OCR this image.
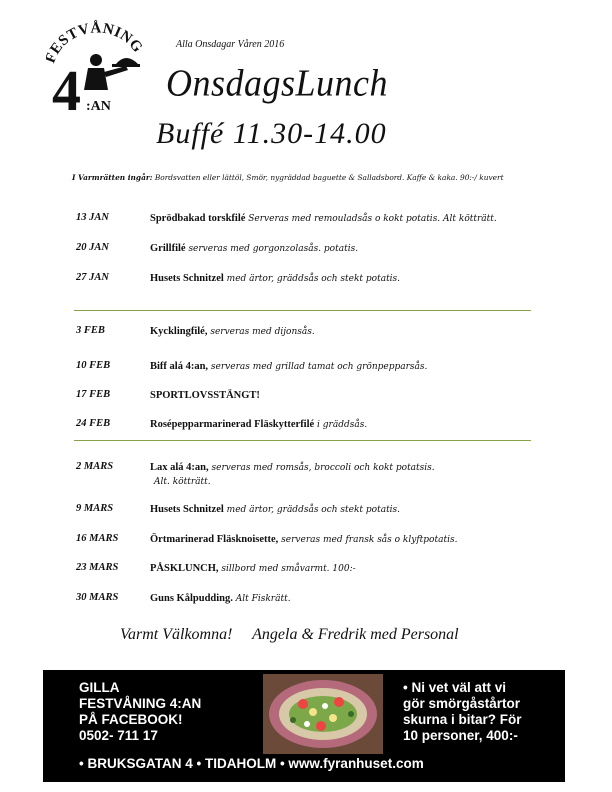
ESTVÅNING
4 :AN
Alla Onsdagar Våren 2016
OnsdagsLunch
Buffé 11.30-14.00
I Varmrätten ingår: Bordsvatten eller lättöl, Smör, nygräddad baguette & Salladsbord. Kaffe & kaka. 90:-/ kuvert
13 JAN	Sprödbakad torskfilé Serveras med remouladsås o kokt potatis. Alt kötträtt.
20 JAN	Grillfilé serveras med gorgonzolasås. potatis.
27 JAN	Husets Schnitzel med ärtor, gräddsås och stekt potatis.
3 FEB	Kycklingfilé, serveras med dijonsås.
10 FEB	Biff alá 4:an, serveras med grillad tamat och grönpepparsås.
17 FEB	SPORTLOVSSTÄNGT!
24 FEB	Rosépepparmarinerad Fläskytterfilé i gräddsås.
2 MARS	Lax alá 4:an, serveras med romsås, broccoli och kokt potatsis.
Alt. kötträtt.
9 MARS	Husets Schnitzel med ärtor, gräddsås och stekt potatis.
16 MARS	Örtmarinerad Fläsknoisette, serveras med fransk sås o klyftpotatis.
23 MARS	PÅSKLUNCH, sillbord med småvarmt. 100:-
30 MARS	Guns Kålpudding. Alt Fiskrätt.
Varmt Välkomna!     Angela & Fredrik med Personal
GILLA
FESTVÅNING 4:AN
PÅ FACEBOOK!
0502- 711 17
• Ni vet väl att vi
gör smörgåstårtor
skurna i bitar? För
10 personer, 400:-
• BRUKSGATAN 4 • TIDAHOLM • www.fyranhuset.com
